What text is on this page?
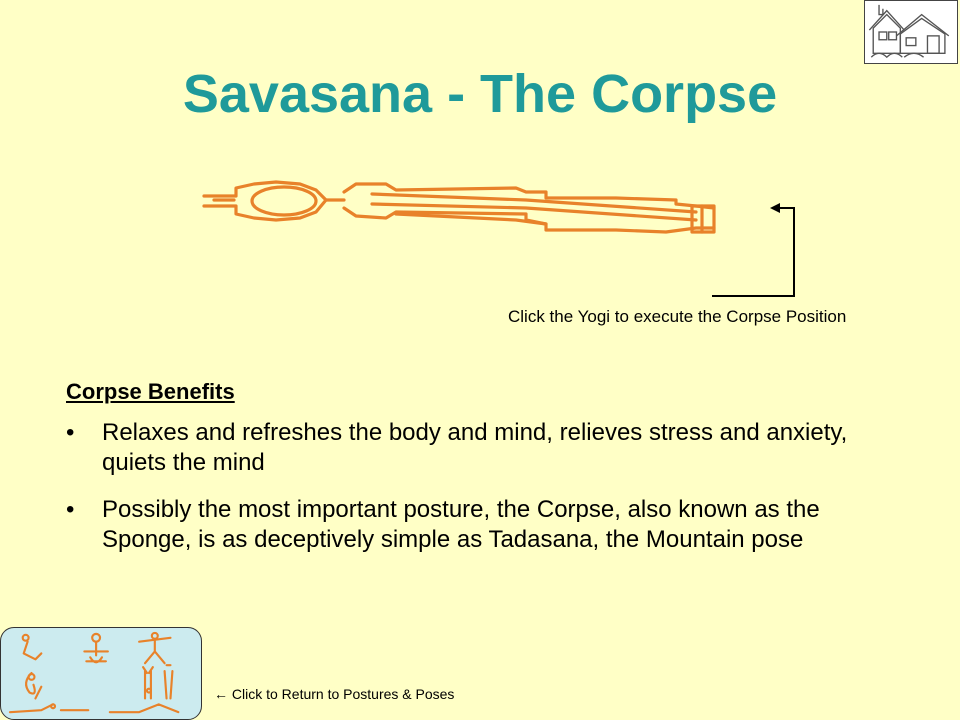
Savasana - The Corpse
Click the Yogi to execute the Corpse Position
Corpse Benefits
• Relaxes and refreshes the body and mind, relieves stress and anxiety, quiets the mind
• Possibly the most important posture, the Corpse, also known as the Sponge, is as deceptively simple as Tadasana, the Mountain pose
← Click to Return to Postures & Poses
